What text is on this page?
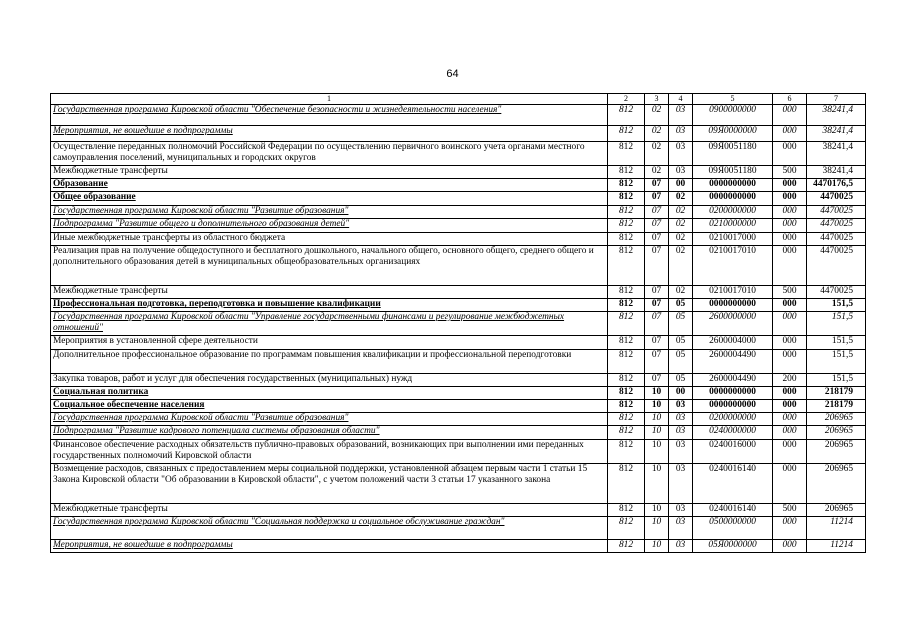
64
1	2	3	4	5	6	7
Государственная программа Кировской области "Обеспечение безопасности и жизнедеятельности населения"	812	02	03	0900000000	000	38241,4
Мероприятия, не вошедшие в подпрограммы	812	02	03	09Я0000000	000	38241,4
Осуществление переданных полномочий Российской Федерации по осуществлению первичного воинского учета органами местного самоуправления поселений, муниципальных и городских округов	812	02	03	09Я0051180	000	38241,4
Межбюджетные трансферты	812	02	03	09Я0051180	500	38241,4
Образование	812	07	00	0000000000	000	4470176,5
Общее образование	812	07	02	0000000000	000	4470025
Государственная программа Кировской области "Развитие образования"	812	07	02	0200000000	000	4470025
Подпрограмма "Развитие общего и дополнительного образования детей"	812	07	02	0210000000	000	4470025
Иные межбюджетные трансферты из областного бюджета	812	07	02	0210017000	000	4470025
Реализация прав на получение общедоступного и бесплатного дошкольного, начального общего, основного общего, среднего общего и дополнительного образования детей в муниципальных общеобразовательных организациях	812	07	02	0210017010	000	4470025
Межбюджетные трансферты	812	07	02	0210017010	500	4470025
Профессиональная подготовка, переподготовка и повышение квалификации	812	07	05	0000000000	000	151,5
Государственная программа Кировской области "Управление государственными финансами и регулирование межбюджетных отношений"	812	07	05	2600000000	000	151,5
Мероприятия в установленной сфере деятельности	812	07	05	2600004000	000	151,5
Дополнительное профессиональное образование по программам повышения квалификации и профессиональной переподготовки	812	07	05	2600004490	000	151,5
Закупка товаров, работ и услуг для обеспечения государственных (муниципальных) нужд	812	07	05	2600004490	200	151,5
Социальная политика	812	10	00	0000000000	000	218179
Социальное обеспечение населения	812	10	03	0000000000	000	218179
Государственная программа Кировской области "Развитие образования"	812	10	03	0200000000	000	206965
Подпрограмма "Развитие кадрового потенциала системы образования области"	812	10	03	0240000000	000	206965
Финансовое обеспечение расходных обязательств публично-правовых образований, возникающих при выполнении ими переданных государственных полномочий Кировской области	812	10	03	0240016000	000	206965
Возмещение расходов, связанных с предоставлением меры социальной поддержки, установленной абзацем первым части 1 статьи 15 Закона Кировской области "Об образовании в Кировской области", с учетом положений части 3 статьи 17 указанного закона	812	10	03	0240016140	000	206965
Межбюджетные трансферты	812	10	03	0240016140	500	206965
Государственная программа Кировской области "Социальная поддержка и социальное обслуживание граждан"	812	10	03	0500000000	000	11214
Мероприятия, не вошедшие в подпрограммы	812	10	03	05Я0000000	000	11214
